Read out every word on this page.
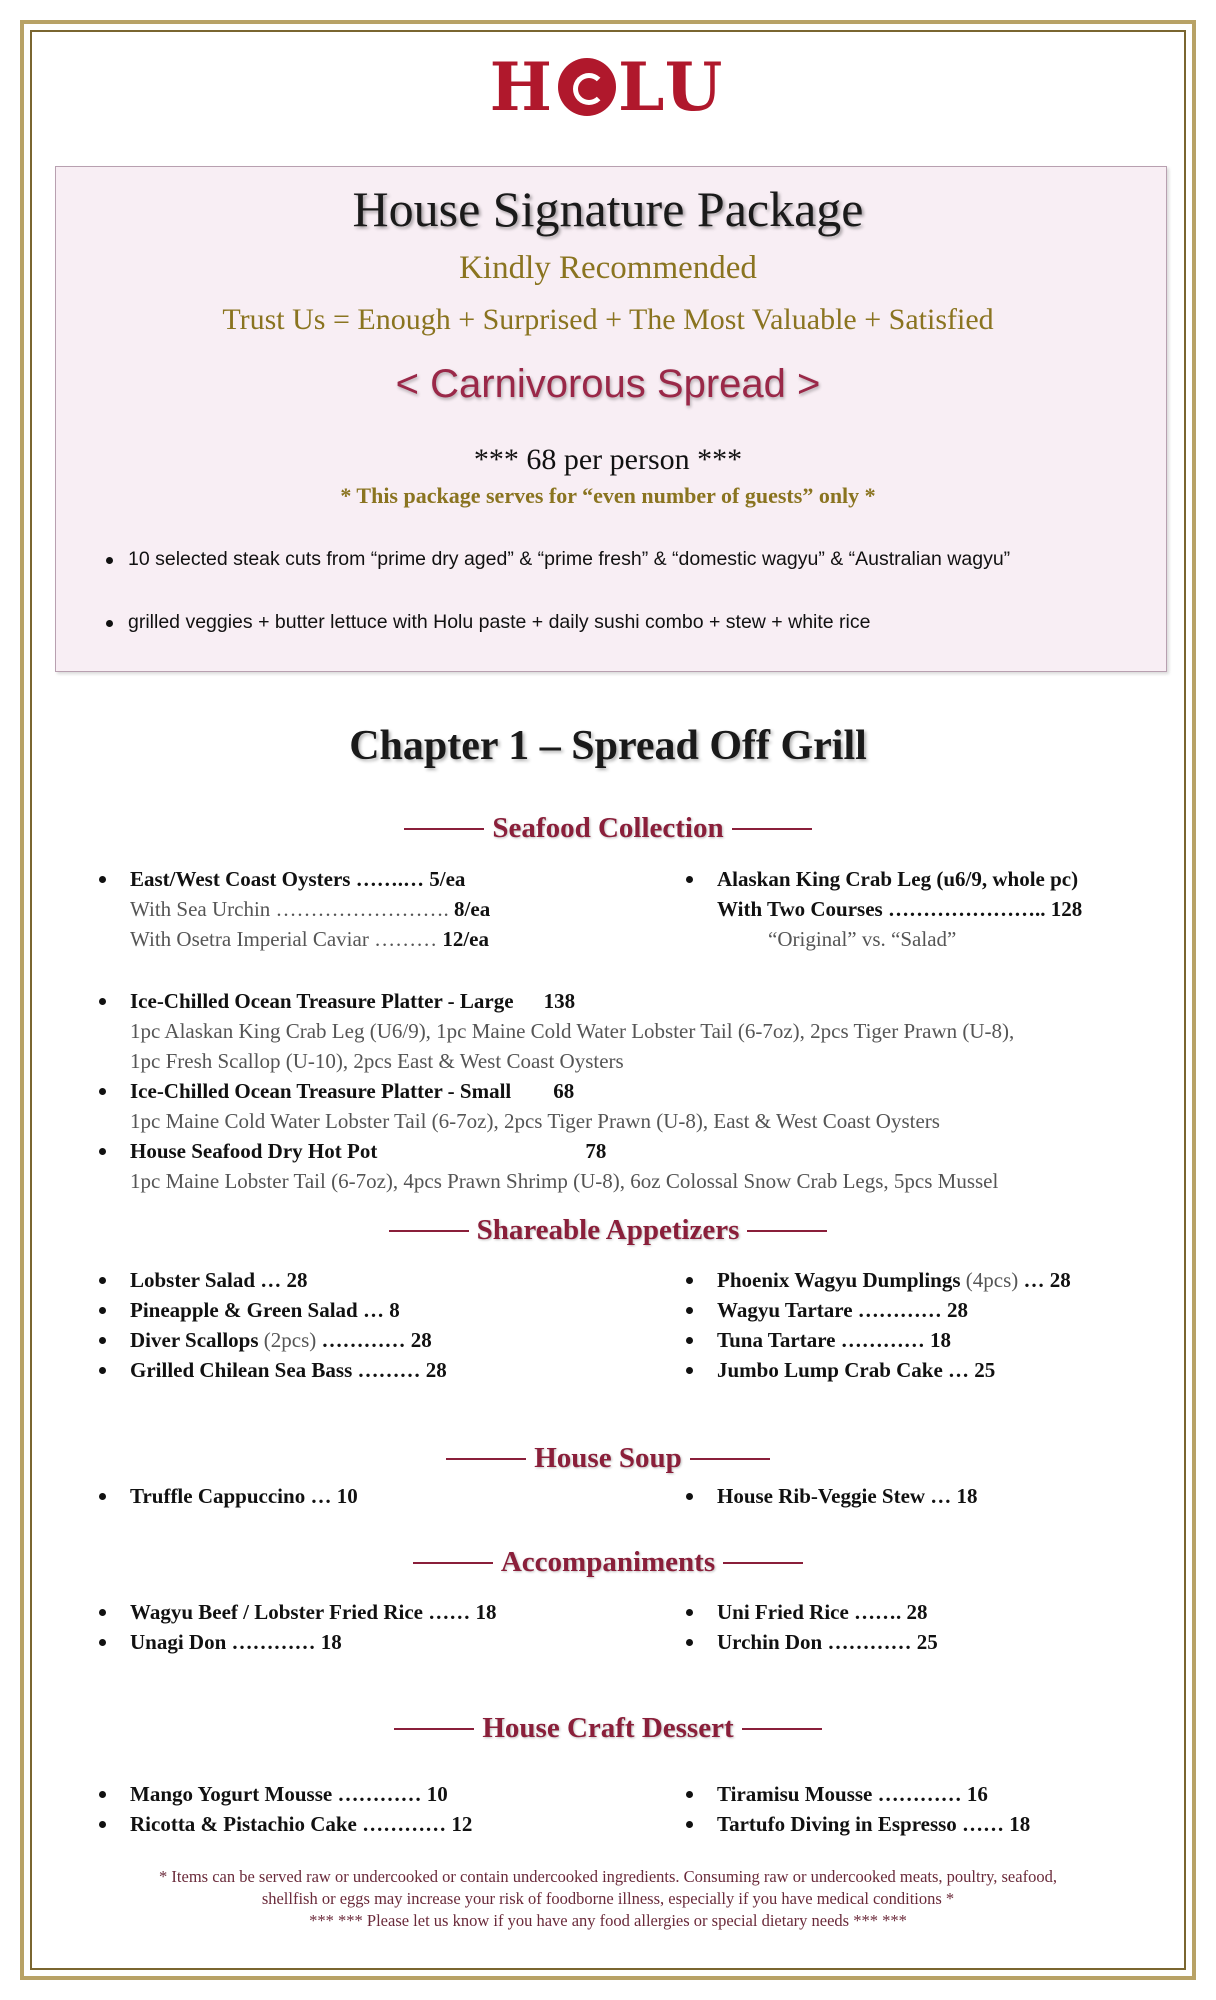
H LU
House Signature Package
Kindly Recommended
Trust Us = Enough + Surprised + The Most Valuable + Satisfied
< Carnivorous Spread >
*** 68 per person ***
* This package serves for “even number of guests” only *
10 selected steak cuts from “prime dry aged” & “prime fresh” & “domestic wagyu” & “Australian wagyu”
grilled veggies + butter lettuce with Holu paste + daily sushi combo + stew + white rice
Chapter 1 – Spread Off Grill
Seafood Collection
East/West Coast Oysters …….… 5/ea
With Sea Urchin ……………………. 8/ea
With Osetra Imperial Caviar ……… 12/ea
Alaskan King Crab Leg (u6/9, whole pc)
With Two Courses ………………….. 128
“Original” vs. “Salad”
Ice-Chilled Ocean Treasure Platter - Large 138
1pc Alaskan King Crab Leg (U6/9), 1pc Maine Cold Water Lobster Tail (6-7oz), 2pcs Tiger Prawn (U-8),
1pc Fresh Scallop (U-10), 2pcs East & West Coast Oysters
Ice-Chilled Ocean Treasure Platter - Small 68
1pc Maine Cold Water Lobster Tail (6-7oz), 2pcs Tiger Prawn (U-8), East & West Coast Oysters
House Seafood Dry Hot Pot	78
1pc Maine Lobster Tail (6-7oz), 4pcs Prawn Shrimp (U-8), 6oz Colossal Snow Crab Legs, 5pcs Mussel
Shareable Appetizers
Lobster Salad … 28
Pineapple & Green Salad … 8
Diver Scallops (2pcs) ………… 28
Grilled Chilean Sea Bass ……… 28
Phoenix Wagyu Dumplings (4pcs) … 28
Wagyu Tartare ………… 28
Tuna Tartare ………… 18
Jumbo Lump Crab Cake … 25
House Soup
Truffle Cappuccino … 10	House Rib-Veggie Stew … 18
Accompaniments
Wagyu Beef / Lobster Fried Rice …… 18
Unagi Don ………… 18
Uni Fried Rice ……. 28
Urchin Don ………… 25
House Craft Dessert
Mango Yogurt Mousse ………… 10
Ricotta & Pistachio Cake ………… 12
Tiramisu Mousse ………… 16
Tartufo Diving in Espresso …… 18
* Items can be served raw or undercooked or contain undercooked ingredients. Consuming raw or undercooked meats, poultry, seafood,
shellfish or eggs may increase your risk of foodborne illness, especially if you have medical conditions *
*** *** Please let us know if you have any food allergies or special dietary needs *** ***
